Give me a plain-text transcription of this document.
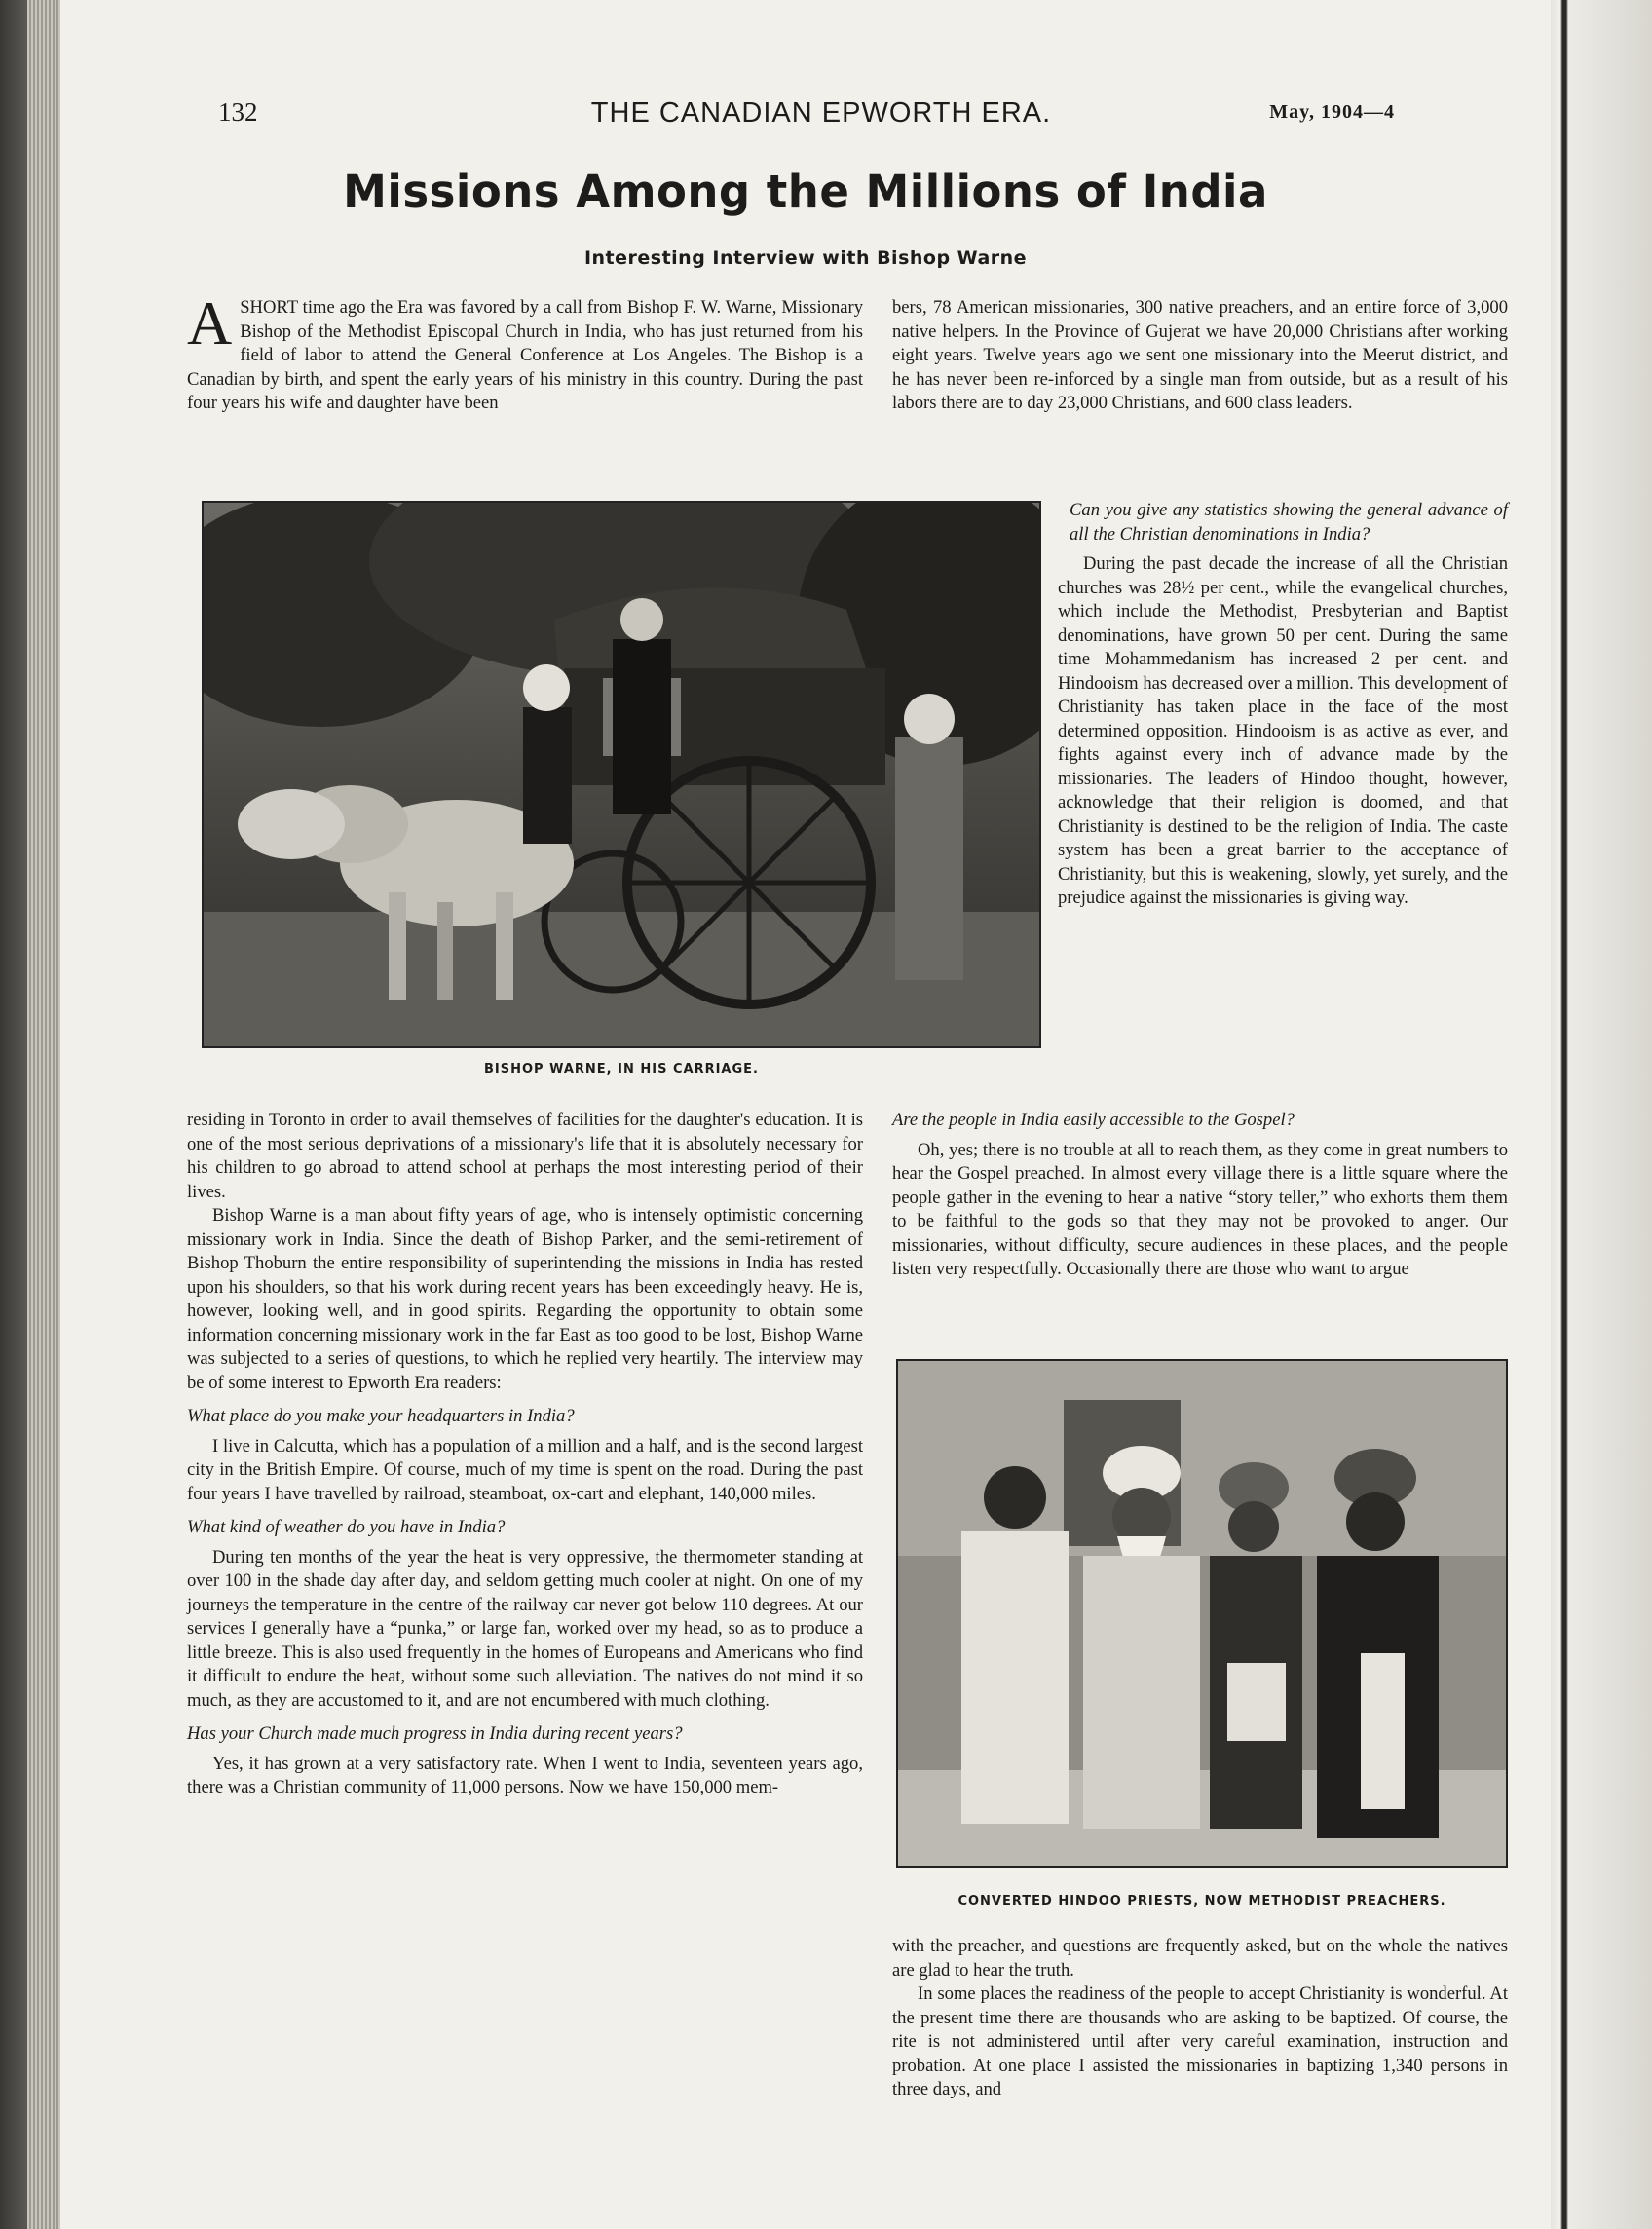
132	THE CANADIAN EPWORTH ERA.	May, 1904—4
Missions Among the Millions of India
Interesting Interview with Bishop Warne

ASHORT time ago the Era was favored by a call from Bishop F. W. Warne, Missionary Bishop of the Methodist Episcopal Church in India, who has just returned from his field of labor to attend the General Conference at Los Angeles. The Bishop is a Canadian by birth, and spent the early years of his ministry in this country. During the past four years his wife and daughter have been

bers, 78 American missionaries, 300 native preachers, and an entire force of 3,000 native helpers. In the Province of Gujerat we have 20,000 Christians after working eight years. Twelve years ago we sent one missionary into the Meerut district, and he has never been re-inforced by a single man from outside, but as a result of his labors there are to day 23,000 Christians, and 600 class leaders.

BISHOP WARNE, IN HIS CARRIAGE.

Can you give any statistics showing the general advance of all the Christian denominations in India?

During the past decade the increase of all the Christian churches was 28½ per cent., while the evangelical churches, which include the Methodist, Presbyterian and Baptist denominations, have grown 50 per cent. During the same time Mohammedanism has increased 2 per cent. and Hindooism has decreased over a million. This development of Christianity has taken place in the face of the most determined opposition. Hindooism is as active as ever, and fights against every inch of advance made by the missionaries. The leaders of Hindoo thought, however, acknowledge that their religion is doomed, and that Christianity is destined to be the religion of India. The caste system has been a great barrier to the acceptance of Christianity, but this is weakening, slowly, yet surely, and the prejudice against the missionaries is giving way.

residing in Toronto in order to avail themselves of facilities for the daughter's education. It is one of the most serious deprivations of a missionary's life that it is absolutely necessary for his children to go abroad to attend school at perhaps the most interesting period of their lives.

Bishop Warne is a man about fifty years of age, who is intensely optimistic concerning missionary work in India. Since the death of Bishop Parker, and the semi-retirement of Bishop Thoburn the entire responsibility of superintending the missions in India has rested upon his shoulders, so that his work during recent years has been exceedingly heavy. He is, however, looking well, and in good spirits. Regarding the opportunity to obtain some information concerning missionary work in the far East as too good to be lost, Bishop Warne was subjected to a series of questions, to which he replied very heartily. The interview may be of some interest to Epworth Era readers:

What place do you make your headquarters in India?

I live in Calcutta, which has a population of a million and a half, and is the second largest city in the British Empire. Of course, much of my time is spent on the road. During the past four years I have travelled by railroad, steamboat, ox-cart and elephant, 140,000 miles.

What kind of weather do you have in India?

During ten months of the year the heat is very oppressive, the thermometer standing at over 100 in the shade day after day, and seldom getting much cooler at night. On one of my journeys the temperature in the centre of the railway car never got below 110 degrees. At our services I generally have a “punka,” or large fan, worked over my head, so as to produce a little breeze. This is also used frequently in the homes of Europeans and Americans who find it difficult to endure the heat, without some such alleviation. The natives do not mind it so much, as they are accustomed to it, and are not encumbered with much clothing.

Has your Church made much progress in India during recent years?

Yes, it has grown at a very satisfactory rate. When I went to India, seventeen years ago, there was a Christian community of 11,000 persons. Now we have 150,000 mem-

Are the people in India easily accessible to the Gospel?

Oh, yes; there is no trouble at all to reach them, as they come in great numbers to hear the Gospel preached. In almost every village there is a little square where the people gather in the evening to hear a native “story teller,” who exhorts them them to be faithful to the gods so that they may not be provoked to anger. Our missionaries, without difficulty, secure audiences in these places, and the people listen very respectfully. Occasionally there are those who want to argue

CONVERTED HINDOO PRIESTS, NOW METHODIST PREACHERS.

with the preacher, and questions are frequently asked, but on the whole the natives are glad to hear the truth.

In some places the readiness of the people to accept Christianity is wonderful. At the present time there are thousands who are asking to be baptized. Of course, the rite is not administered until after very careful examination, instruction and probation. At one place I assisted the missionaries in baptizing 1,340 persons in three days, and
